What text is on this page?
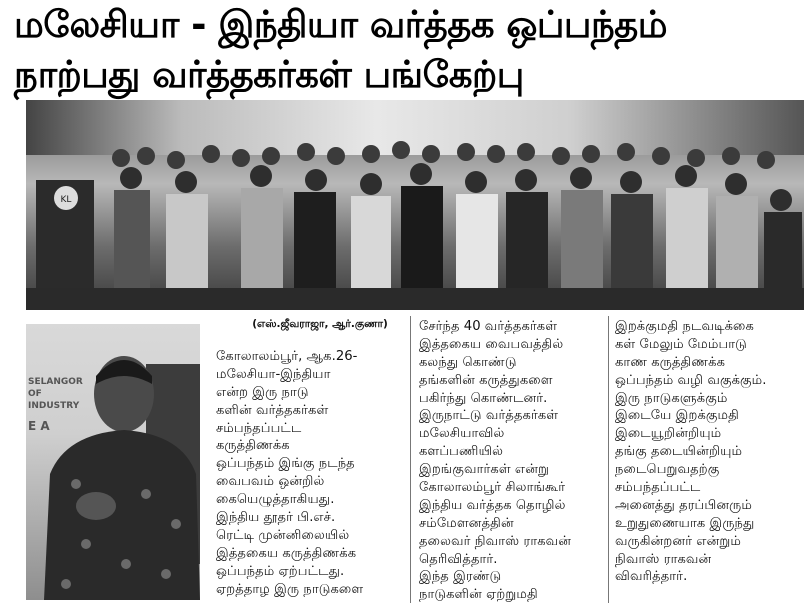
மலேசியா - இந்தியா வர்த்தக ஒப்பந்தம்
நாற்பது வர்த்தகர்கள் பங்கேற்பு
KL
(எஸ்.ஜீவராஜா, ஆர்.குணா)
SELANGOR
OF
INDUSTRY
E A
கோலாலம்பூர், ஆக.26-
மலேசியா-இந்தியா
என்ற இரு நாடு
களின் வர்த்தகர்கள்
சம்பந்தப்பட்ட
கருத்திணக்க
ஒப்பந்தம் இங்கு நடந்த
வைபவம் ஒன்றில்
கையெழுத்தாகியது.
இந்திய தூதர் பி.எச்.
ரெட்டி முன்னிலையில்
இத்தகைய கருத்திணக்க
ஒப்பந்தம் ஏற்பட்டது.
ஏறத்தாழ இரு நாடுகளை
சேர்ந்த 40 வர்த்தகர்கள்
இத்தகைய வைபவத்தில்
கலந்து கொண்டு
தங்களின் கருத்துகளை
பகிர்ந்து கொண்டனர்.
இருநாட்டு வர்த்தகர்கள்
மலேசியாவில்
களப்பணியில்
இறங்குவார்கள் என்று
கோலாலம்பூர் சிலாங்கூர்
இந்திய வர்த்தக தொழில்
சம்மேளனத்தின்
தலைவர் நிவாஸ் ராகவன்
தெரிவித்தார்.
இந்த இரண்டு
நாடுகளின் ஏற்றுமதி
இறக்குமதி நடவடிக்கை
கள் மேலும் மேம்பாடு
காண கருத்திணக்க
ஒப்பந்தம் வழி வகுக்கும்.
இரு நாடுகளுக்கும்
இடையே இறக்குமதி
இடையூறின்றியும்
தங்கு தடையின்றியும்
நடைபெறுவதற்கு
சம்பந்தப்பட்ட
அனைத்து தரப்பினரும்
உறுதுணையாக இருந்து
வருகின்றனர் என்றும்
நிவாஸ் ராகவன்
விவரித்தார்.
